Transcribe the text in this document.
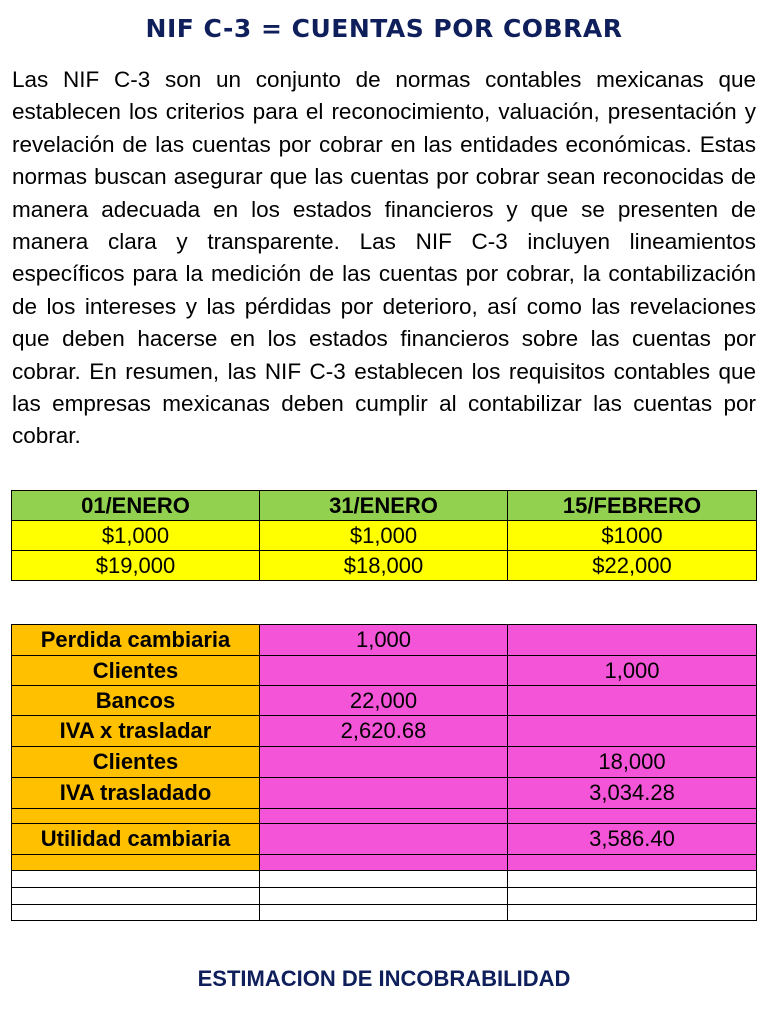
NIF C-3 = CUENTAS POR COBRAR

Las NIF C-3 son un conjunto de normas contables mexicanas que establecen los criterios para el reconocimiento, valuación, presentación y revelación de las cuentas por cobrar en las entidades económicas. Estas normas buscan asegurar que las cuentas por cobrar sean reconocidas de manera adecuada en los estados financieros y que se presenten de manera clara y transparente. Las NIF C-3 incluyen lineamientos específicos para la medición de las cuentas por cobrar, la contabilización de los intereses y las pérdidas por deterioro, así como las revelaciones que deben hacerse en los estados financieros sobre las cuentas por cobrar. En resumen, las NIF C-3 establecen los requisitos contables que las empresas mexicanas deben cumplir al contabilizar las cuentas por cobrar.

01/ENERO	31/ENERO	15/FEBRERO
$1,000	$1,000	$1000
$19,000	$18,000	$22,000
Perdida cambiaria	1,000	
Clientes		1,000
Bancos	22,000	
IVA x trasladar	2,620.68	
Clientes		18,000
IVA trasladado		3,034.28

Utilidad cambiaria		3,586.40

ESTIMACION DE INCOBRABILIDAD
